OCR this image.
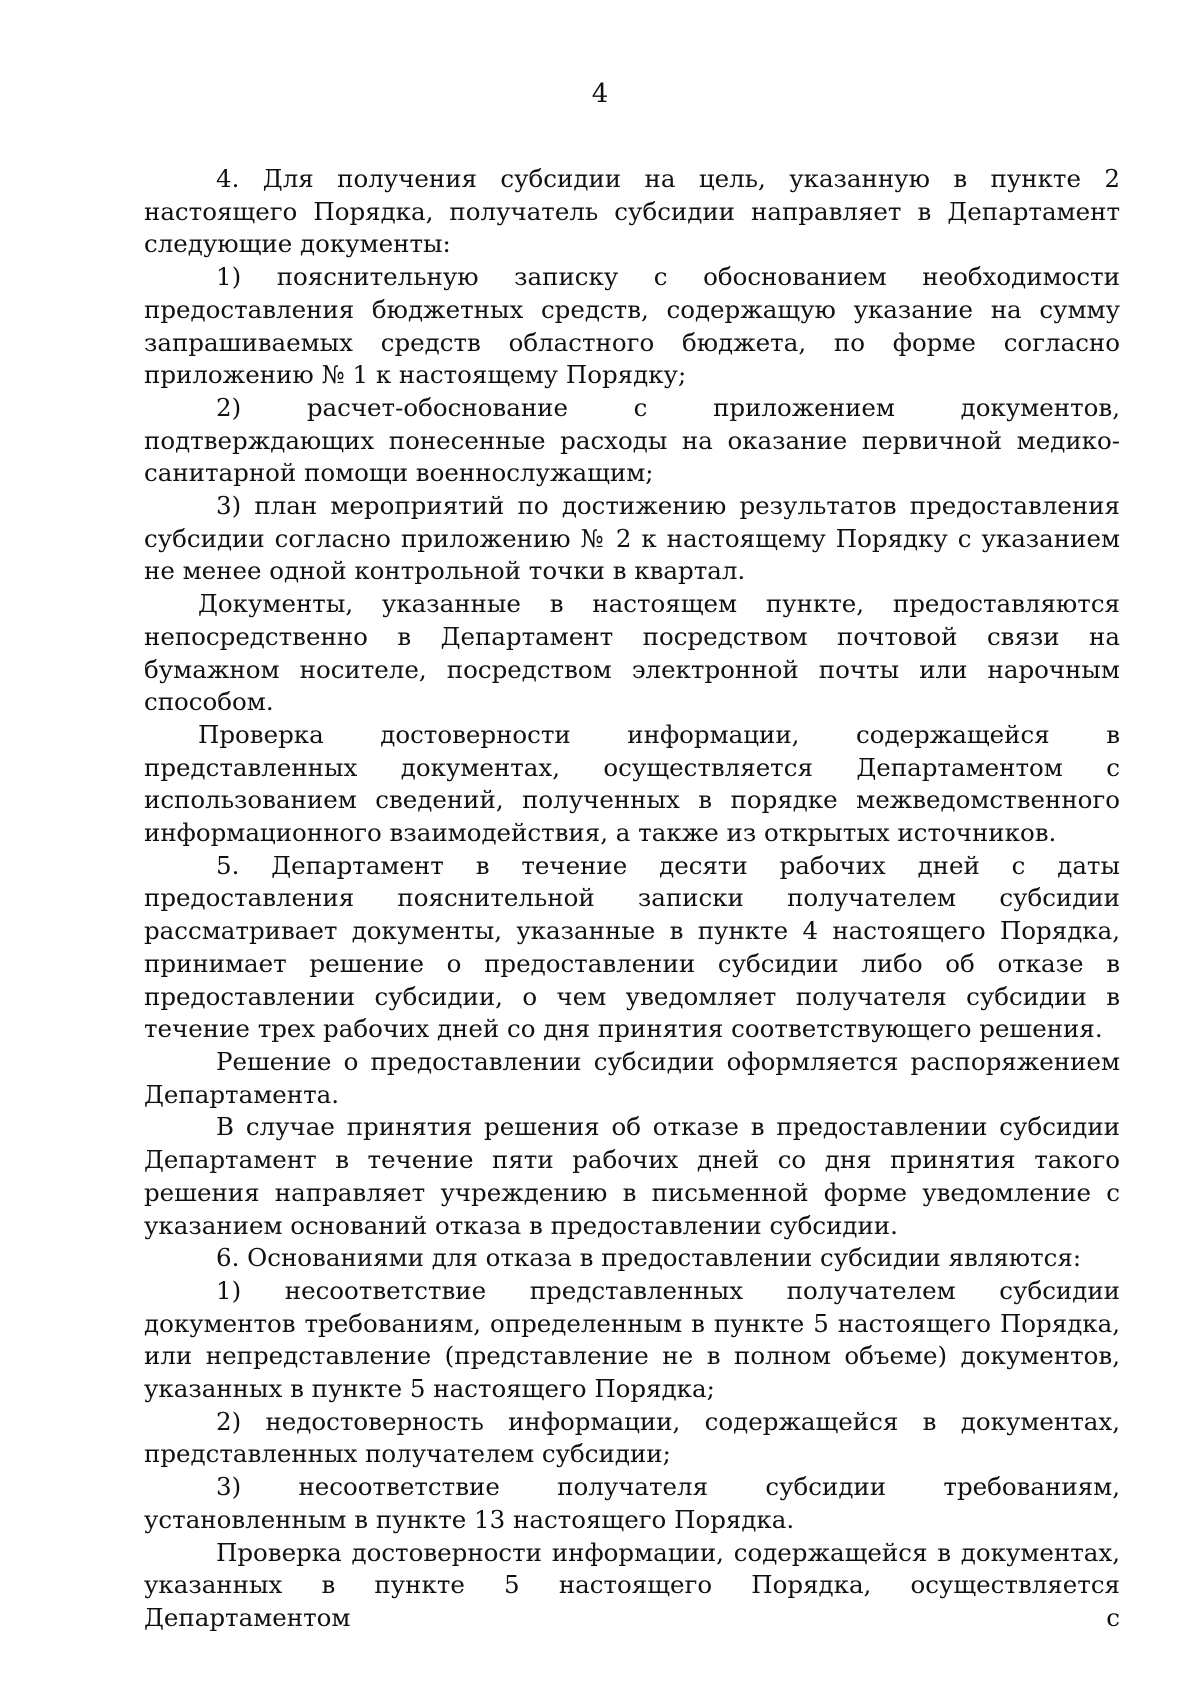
4

4. Для получения субсидии на цель, указанную в пункте 2 настоящего Порядка, получатель субсидии направляет в Департамент следующие документы:

1) пояснительную записку с обоснованием необходимости предоставления бюджетных средств, содержащую указание на сумму запрашиваемых средств областного бюджета, по форме согласно приложению № 1 к настоящему Порядку;

2) расчет-обоснование с приложением документов, подтверждающих понесенные расходы на оказание первичной медико-санитарной помощи военнослужащим;

3) план мероприятий по достижению результатов предоставления субсидии согласно приложению № 2 к настоящему Порядку с указанием не менее одной контрольной точки в квартал.

Документы, указанные в настоящем пункте, предоставляются непосредственно в Департамент посредством почтовой связи на бумажном носителе, посредством электронной почты или нарочным способом.

Проверка достоверности информации, содержащейся в представленных документах, осуществляется Департаментом с использованием сведений, полученных в порядке межведомственного информационного взаимодействия, а также из открытых источников.

5. Департамент в течение десяти рабочих дней с даты предоставления пояснительной записки получателем субсидии рассматривает документы, указанные в пункте 4 настоящего Порядка, принимает решение о предоставлении субсидии либо об отказе в предоставлении субсидии, о чем уведомляет получателя субсидии в течение трех рабочих дней со дня принятия соответствующего решения.

Решение о предоставлении субсидии оформляется распоряжением Департамента.

В случае принятия решения об отказе в предоставлении субсидии Департамент в течение пяти рабочих дней со дня принятия такого решения направляет учреждению в письменной форме уведомление с указанием оснований отказа в предоставлении субсидии.

6. Основаниями для отказа в предоставлении субсидии являются:

1) несоответствие представленных получателем субсидии документов требованиям, определенным в пункте 5 настоящего Порядка, или непредставление (представление не в полном объеме) документов, указанных в пункте 5 настоящего Порядка;

2) недостоверность информации, содержащейся в документах, представленных получателем субсидии;

3) несоответствие получателя субсидии требованиям, установленным в пункте 13 настоящего Порядка.

Проверка достоверности информации, содержащейся в документах, указанных в пункте 5 настоящего Порядка, осуществляется Департаментом с
